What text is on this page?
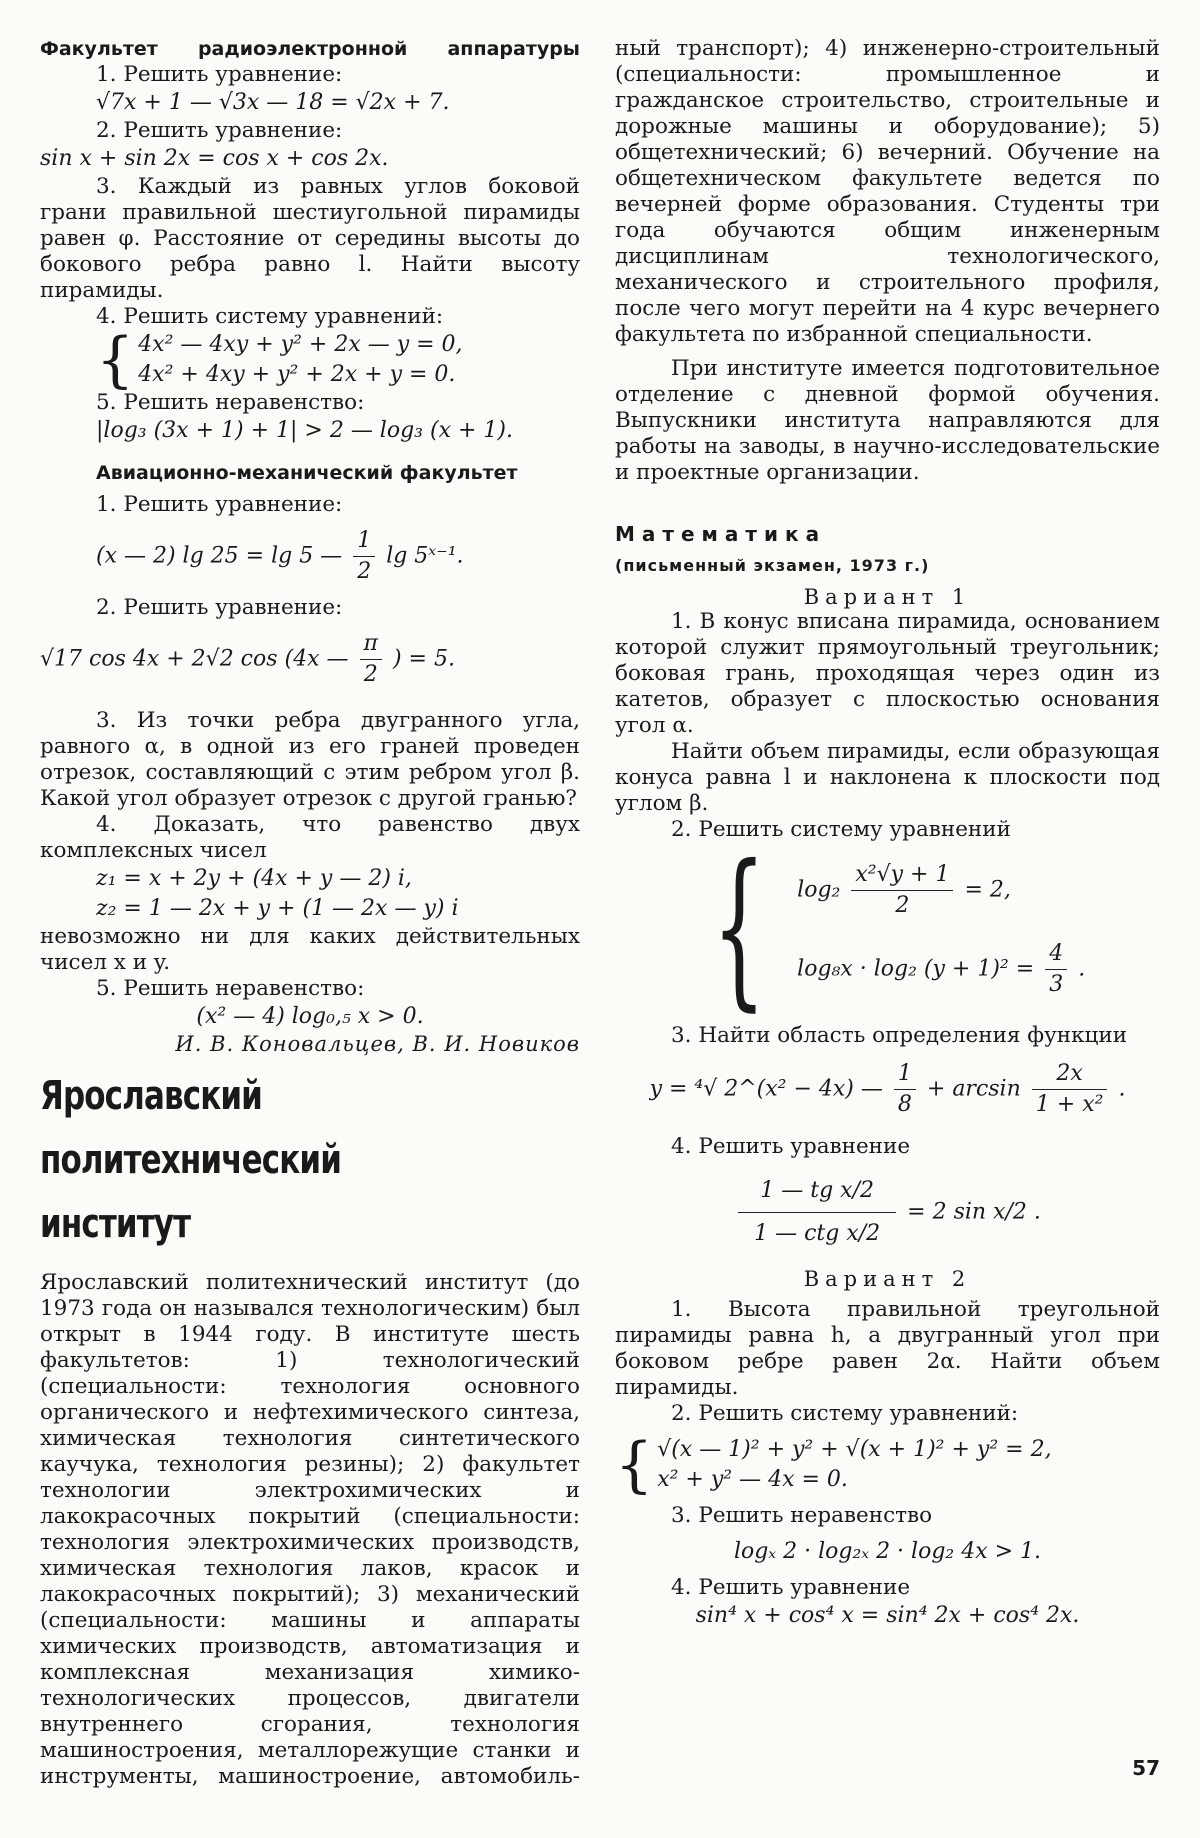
Факультет радиоэлектронной аппаратуры

1. Решить уравнение:

√7x + 1 — √3x — 18 = √2x + 7.

2. Решить уравнение:

sin x + sin 2x = cos x + cos 2x.

3. Каждый из равных углов боковой грани правильной шестиугольной пирамиды равен φ. Расстояние от середины высоты до бокового ребра равно l. Найти высоту пирамиды.

4. Решить систему уравнений:

{ 4x² — 4xy + y² + 2x — y = 0,

4x² + 4xy + y² + 2x + y = 0.

5. Решить неравенство:

|log₃ (3x + 1) + 1| > 2 — log₃ (x + 1).

Авиационно-механический факультет

1. Решить уравнение:

(x — 2) lg 25 = lg 5 — $\frac{1}{2}$ lg 5ˣ⁻¹.

2. Решить уравнение:

√17 cos 4x + 2√2 cos (4x — $\frac{\pi}{2}$ ) = 5.

3. Из точки ребра двугранного угла, равного α, в одной из его граней проведен отрезок, составляющий с этим ребром угол β. Какой угол образует отрезок с другой гранью?

4. Доказать, что равенство двух комплексных чисел

z₁ = x + 2y + (4x + y — 2) i,

z₂ = 1 — 2x + y + (1 — 2x — y) i

невозможно ни для каких действительных чисел x и y.

5. Решить неравенство:

(x² — 4) log₀,₅ x > 0.

И. В. Коновальцев, В. И. Новиков

Ярославский
политехнический
институт

Ярославский политехнический институт (до 1973 года он назывался технологическим) был открыт в 1944 году. В институте шесть факультетов: 1) технологический (специальности: технология основного органического и нефтехимического синтеза, химическая технология синтетического каучука, технология резины); 2) факультет технологии электрохимических и лакокрасочных покрытий (специальности: технология электрохимических производств, химическая технология лаков, красок и лакокрасочных покрытий); 3) механический (специальности: машины и аппараты химических производств, автоматизация и комплексная механизация химико-технологических процессов, двигатели внутреннего сгорания, технология машиностроения, металлорежущие станки и инструменты, машиностроение, автомобиль-

ный транспорт); 4) инженерно-строительный (специальности: промышленное и гражданское строительство, строительные и дорожные машины и оборудование); 5) общетехнический; 6) вечерний. Обучение на общетехническом факультете ведется по вечерней форме образования. Студенты три года обучаются общим инженерным дисциплинам технологического, механического и строительного профиля, после чего могут перейти на 4 курс вечернего факультета по избранной специальности.

При институте имеется подготовительное отделение с дневной формой обучения. Выпускники института направляются для работы на заводы, в научно-исследовательские и проектные организации.

Математика

(письменный экзамен, 1973 г.)

Вариант 1

1. В конус вписана пирамида, основанием которой служит прямоугольный треугольник; боковая грань, проходящая через один из катетов, образует с плоскостью основания угол α.

Найти объем пирамиды, если образующая конуса равна l и наклонена к плоскости под углом β.

2. Решить систему уравнений

{ $\log_2 \frac{\text{x²√y + 1}}{2} = 2$,

log₈x · log₂ $(y + 1)^2 = \frac{4}{3}$ .

3. Найти область определения функции

y = ⁴√ 2^(x² − 4x) — $\frac{1}{8} + \arcsin \frac{2x}{\text{1 + x²}}$ .

4. Решить уравнение

$\frac{\text{1 — tg x/2}}{\text{1 — ctg x/2}} = 2$ sin x/2 .

Вариант 2

1. Высота правильной треугольной пирамиды равна h, а двугранный угол при боковом ребре равен 2α. Найти объем пирамиды.

2. Решить систему уравнений:

{ √(x — 1)² + y² + √(x + 1)² + y² = 2,

x² + y² — 4x = 0.

3. Решить неравенство

logₓ 2 · log₂ₓ 2 · log₂ 4x > 1.

4. Решить уравнение

sin⁴ x + cos⁴ x = sin⁴ 2x + cos⁴ 2x.

57
